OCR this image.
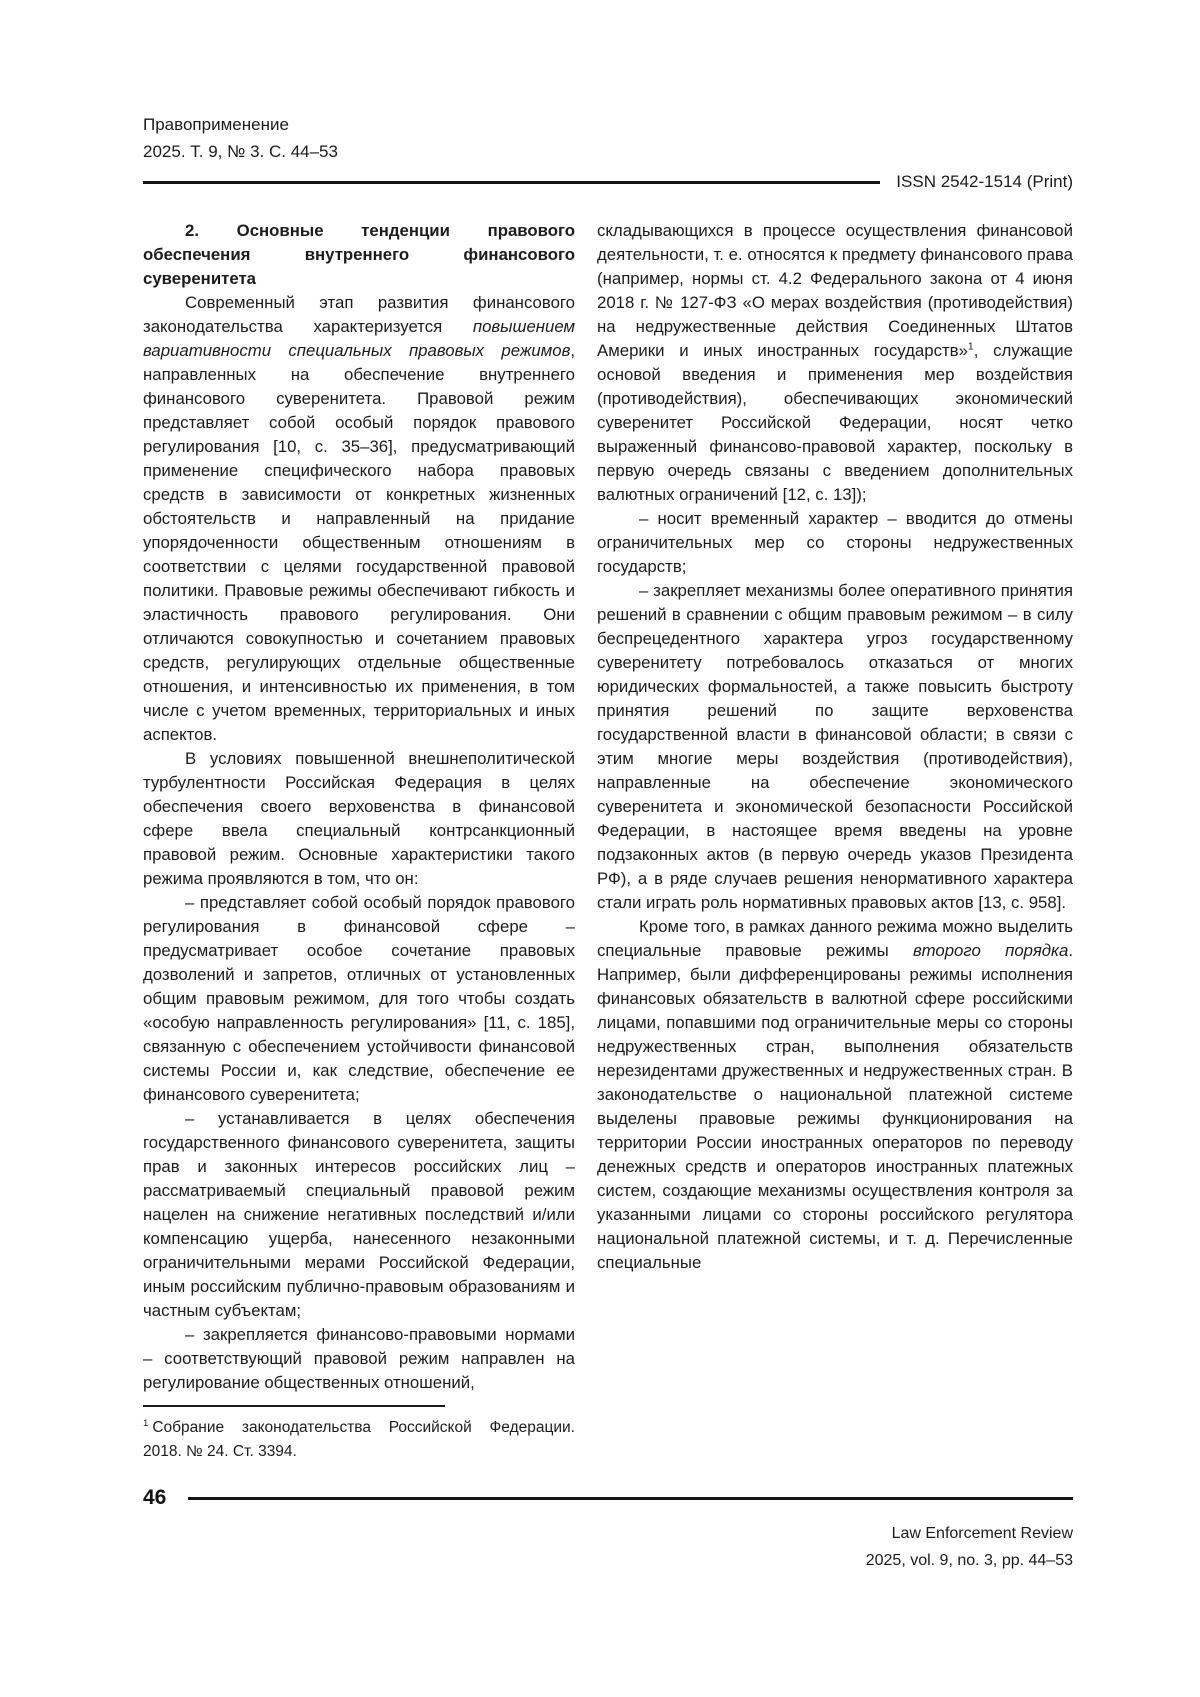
Правоприменение
2025. Т. 9, № 3. С. 44–53
ISSN 2542-1514 (Print)

2. Основные тенденции правового обеспечения внутреннего финансового суверенитета

Современный этап развития финансового законодательства характеризуется повышением вариативности специальных правовых режимов, направленных на обеспечение внутреннего финансового суверенитета. Правовой режим представляет собой особый порядок правового регулирования [10, с. 35–36], предусматривающий применение специфического набора правовых средств в зависимости от конкретных жизненных обстоятельств и направленный на придание упорядоченности общественным отношениям в соответствии с целями государственной правовой политики. Правовые режимы обеспечивают гибкость и эластичность правового регулирования. Они отличаются совокупностью и сочетанием правовых средств, регулирующих отдельные общественные отношения, и интенсивностью их применения, в том числе с учетом временных, территориальных и иных аспектов.

В условиях повышенной внешнеполитической турбулентности Российская Федерация в целях обеспечения своего верховенства в финансовой сфере ввела специальный контрсанкционный правовой режим. Основные характеристики такого режима проявляются в том, что он:

– представляет собой особый порядок правового регулирования в финансовой сфере – предусматривает особое сочетание правовых дозволений и запретов, отличных от установленных общим правовым режимом, для того чтобы создать «особую направленность регулирования» [11, с. 185], связанную с обеспечением устойчивости финансовой системы России и, как следствие, обеспечение ее финансового суверенитета;

– устанавливается в целях обеспечения государственного финансового суверенитета, защиты прав и законных интересов российских лиц – рассматриваемый специальный правовой режим нацелен на снижение негативных последствий и/или компенсацию ущерба, нанесенного незаконными ограничительными мерами Российской Федерации, иным российским публично-правовым образованиям и частным субъектам;

– закрепляется финансово-правовыми нормами – соответствующий правовой режим направлен на регулирование общественных отношений,

складывающихся в процессе осуществления финансовой деятельности, т. е. относятся к предмету финансового права (например, нормы ст. 4.2 Федерального закона от 4 июня 2018 г. № 127-ФЗ «О мерах воздействия (противодействия) на недружественные действия Соединенных Штатов Америки и иных иностранных государств»$^1$, служащие основой введения и применения мер воздействия (противодействия), обеспечивающих экономический суверенитет Российской Федерации, носят четко выраженный финансово-правовой характер, поскольку в первую очередь связаны с введением дополнительных валютных ограничений [12, с. 13]);

– носит временный характер – вводится до отмены ограничительных мер со стороны недружественных государств;

– закрепляет механизмы более оперативного принятия решений в сравнении с общим правовым режимом – в силу беспрецедентного характера угроз государственному суверенитету потребовалось отказаться от многих юридических формальностей, а также повысить быстроту принятия решений по защите верховенства государственной власти в финансовой области; в связи с этим многие меры воздействия (противодействия), направленные на обеспечение экономического суверенитета и экономической безопасности Российской Федерации, в настоящее время введены на уровне подзаконных актов (в первую очередь указов Президента РФ), а в ряде случаев решения ненормативного характера стали играть роль нормативных правовых актов [13, с. 958].

Кроме того, в рамках данного режима можно выделить специальные правовые режимы второго порядка. Например, были дифференцированы режимы исполнения финансовых обязательств в валютной сфере российскими лицами, попавшими под ограничительные меры со стороны недружественных стран, выполнения обязательств нерезидентами дружественных и недружественных стран. В законодательстве о национальной платежной системе выделены правовые режимы функционирования на территории России иностранных операторов по переводу денежных средств и операторов иностранных платежных систем, создающие механизмы осуществления контроля за указанными лицами со стороны российского регулятора национальной платежной системы, и т. д. Перечисленные специальные

$^1$ Собрание законодательства Российской Федерации. 2018. № 24. Ст. 3394.

46
Law Enforcement Review
2025, vol. 9, no. 3, pp. 44–53
